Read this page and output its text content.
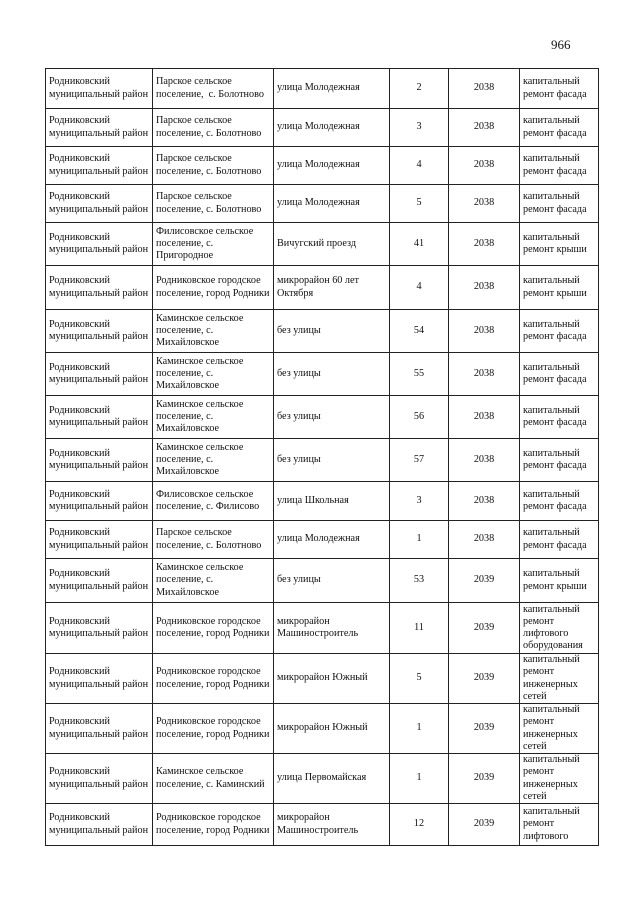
966
Родниковский муниципальный район	Парское сельское поселение,  с. Болотново	улица Молодежная	2	2038	капитальный ремонт фасада
Родниковский муниципальный район	Парское сельское поселение, с. Болотново	улица Молодежная	3	2038	капитальный ремонт фасада
Родниковский муниципальный район	Парское сельское поселение, с. Болотново	улица Молодежная	4	2038	капитальный ремонт фасада
Родниковский муниципальный район	Парское сельское поселение, с. Болотново	улица Молодежная	5	2038	капитальный ремонт фасада
Родниковский муниципальный район	Филисовское сельское поселение, с. Пригородное	Вичугский проезд	41	2038	капитальный ремонт крыши
Родниковский муниципальный район	Родниковское городское поселение, город Родники	микрорайон 60 лет Октября	4	2038	капитальный ремонт крыши
Родниковский муниципальный район	Каминское сельское поселение, с. Михайловское	без улицы	54	2038	капитальный ремонт фасада
Родниковский муниципальный район	Каминское сельское поселение, с. Михайловское	без улицы	55	2038	капитальный ремонт фасада
Родниковский муниципальный район	Каминское сельское поселение, с. Михайловское	без улицы	56	2038	капитальный ремонт фасада
Родниковский муниципальный район	Каминское сельское поселение, с. Михайловское	без улицы	57	2038	капитальный ремонт фасада
Родниковский муниципальный район	Филисовское сельское поселение, с. Филисово	улица Школьная	3	2038	капитальный ремонт фасада
Родниковский муниципальный район	Парское сельское поселение, с. Болотново	улица Молодежная	1	2038	капитальный ремонт фасада
Родниковский муниципальный район	Каминское сельское поселение, с. Михайловское	без улицы	53	2039	капитальный ремонт крыши
Родниковский муниципальный район	Родниковское городское поселение, город Родники	микрорайон Машиностроитель	11	2039	капитальный ремонт лифтового оборудования
Родниковский муниципальный район	Родниковское городское поселение, город Родники	микрорайон Южный	5	2039	капитальный ремонт инженерных сетей
Родниковский муниципальный район	Родниковское городское поселение, город Родники	микрорайон Южный	1	2039	капитальный ремонт инженерных сетей
Родниковский муниципальный район	Каминское сельское поселение, с. Каминский	улица Первомайская	1	2039	капитальный ремонт инженерных сетей
Родниковский муниципальный район	Родниковское городское поселение, город Родники	микрорайон Машиностроитель	12	2039	капитальный ремонт лифтового
